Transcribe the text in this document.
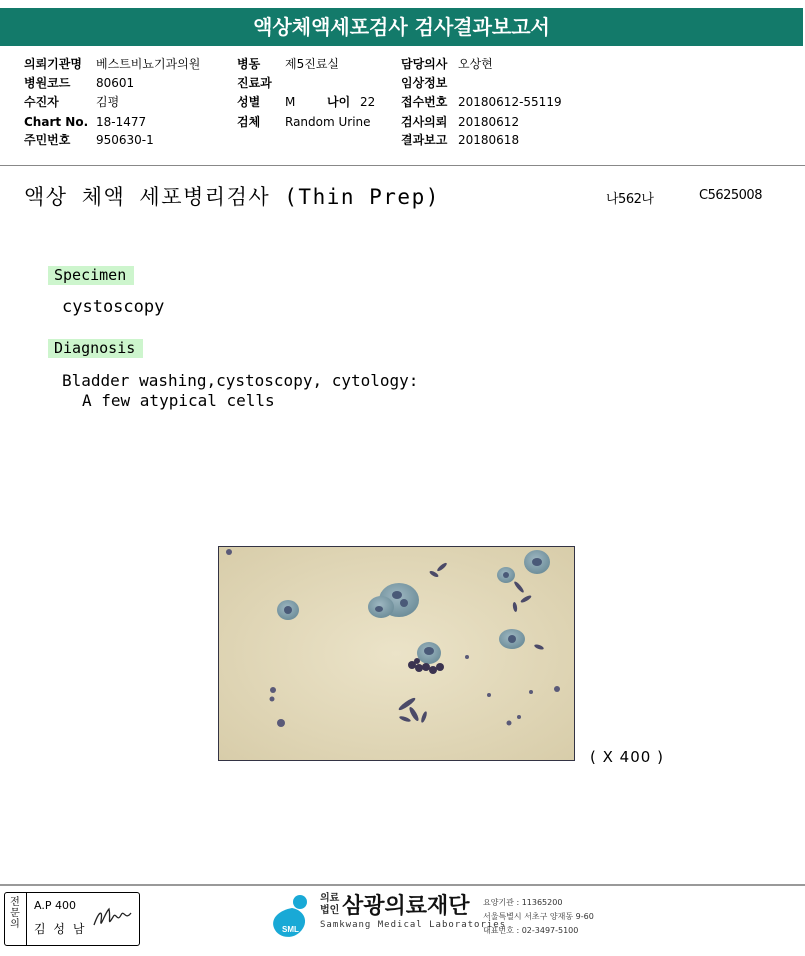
액상체액세포검사 검사결과보고서
의뢰기관명 베스트비뇨기과의원
병원코드 80601
수진자	김평
Chart No. 18-1477
주민번호 950630-1
병동 제5진료실
진료과
성별 M	나이 22
검체 Random Urine
담당의사 오상현
임상정보
접수번호 20180612-55119
검사의뢰 20180612
결과보고 20180618
액상 체액 세포병리검사 (Thin Prep)	나562나	C5625008
Specimen
cystoscopy
Diagnosis
Bladder washing,cystoscopy, cytology:
A few atypical cells
( X 400 )
전문의
A.P 400
김 성 남	SML
의료
법인 삼광의료재단
Samkwang Medical Laboratories
요양기관 : 11365200
서울특별시 서초구 양재동 9-60
대표번호 : 02-3497-5100
